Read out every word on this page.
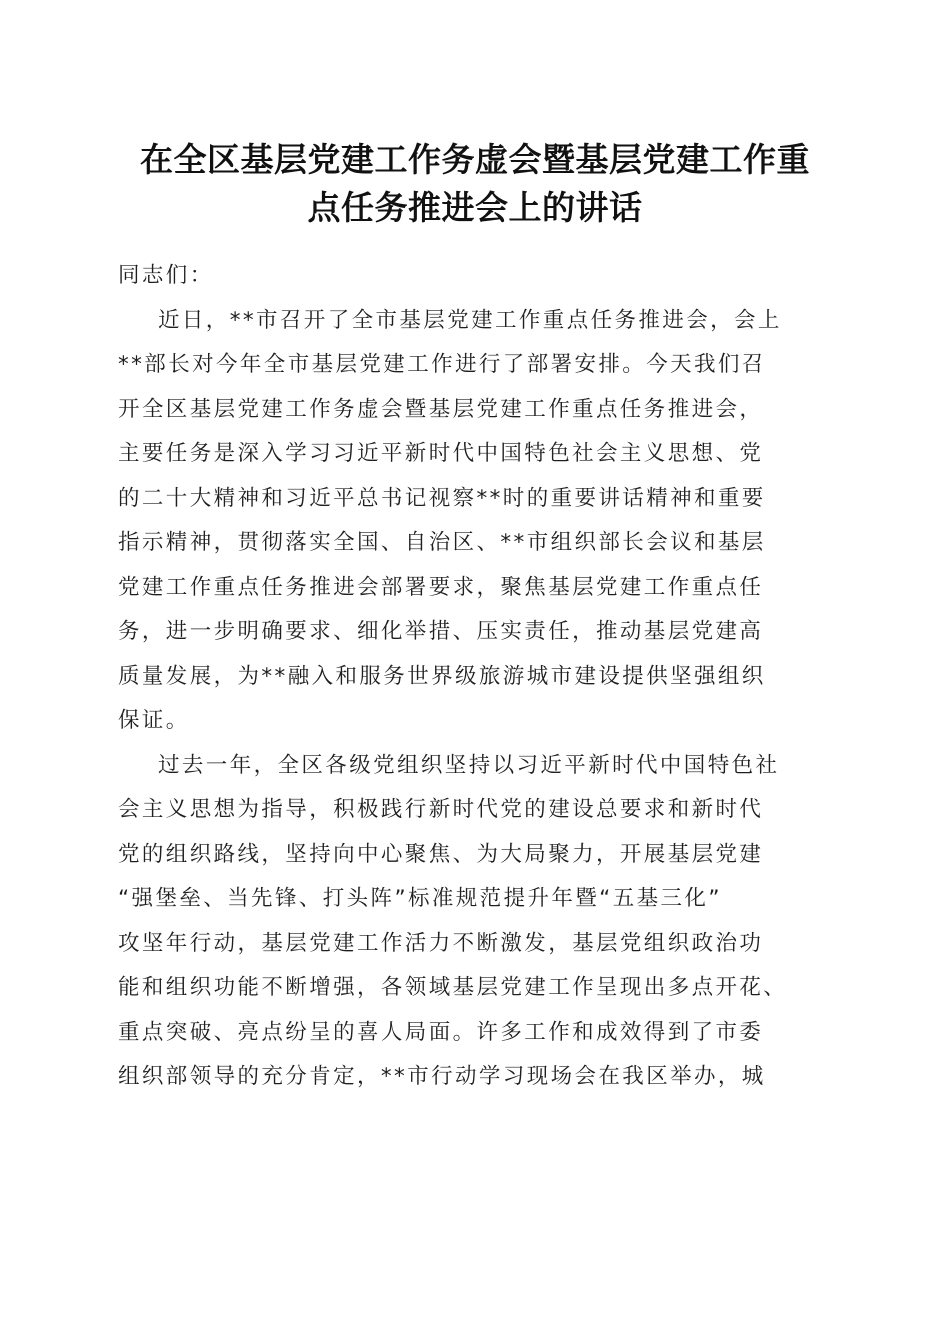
在全区基层党建工作务虚会暨基层党建工作重
点任务推进会上的讲话
同志们：
近日，**市召开了全市基层党建工作重点任务推进会，会上
**部长对今年全市基层党建工作进行了部署安排。今天我们召
开全区基层党建工作务虚会暨基层党建工作重点任务推进会，
主要任务是深入学习习近平新时代中国特色社会主义思想、党
的二十大精神和习近平总书记视察**时的重要讲话精神和重要
指示精神，贯彻落实全国、自治区、**市组织部长会议和基层
党建工作重点任务推进会部署要求，聚焦基层党建工作重点任
务，进一步明确要求、细化举措、压实责任，推动基层党建高
质量发展，为**融入和服务世界级旅游城市建设提供坚强组织
保证。
过去一年，全区各级党组织坚持以习近平新时代中国特色社
会主义思想为指导，积极践行新时代党的建设总要求和新时代
党的组织路线，坚持向中心聚焦、为大局聚力，开展基层党建
“强堡垒、当先锋、打头阵”标准规范提升年暨“五基三化”
攻坚年行动，基层党建工作活力不断激发，基层党组织政治功
能和组织功能不断增强，各领域基层党建工作呈现出多点开花、
重点突破、亮点纷呈的喜人局面。许多工作和成效得到了市委
组织部领导的充分肯定，**市行动学习现场会在我区举办，城
